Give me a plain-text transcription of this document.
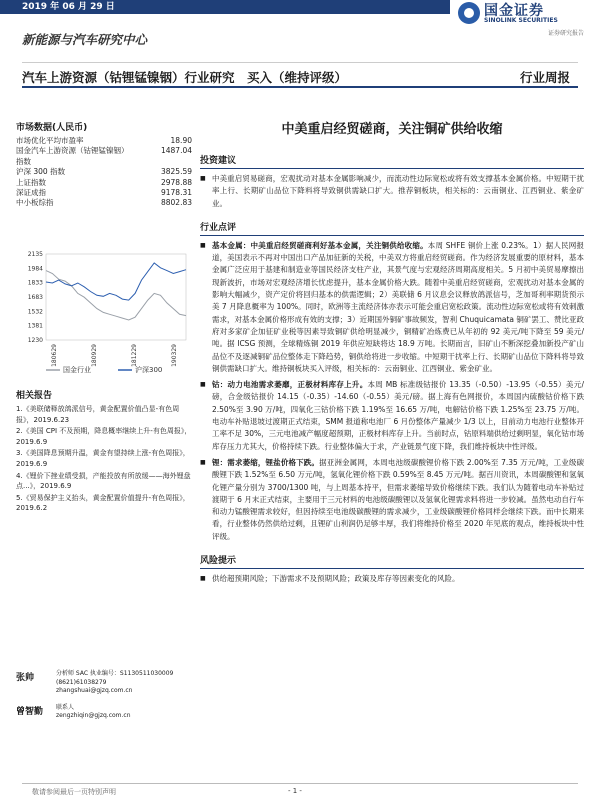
2019 年 06 月 29 日	国金证券
SINOLINK SECURITIES
证券研究报告
新能源与汽车研究中心
汽车上游资源（钴锂锰镍铟）行业研究　买入（维持评级）	行业周报
市场数据(人民币)
市场优化平均市盈率	18.90
国金汽车上游资源（钴锂锰镍铟）指数
1487.04
沪深 300 指数	3825.59
上证指数	2978.88
深证成指	9178.31
中小板综指	8802.83
2135
1984
1833
1683
1532
1381
1230
180629	180929	181229	190329
国金行业	沪深300
相关报告
1.《美联储释放鸽派信号，黄金配置价值凸显-有色周报》，2019.6.23
2.《美国 CPI 不及预期，降息概率继续上升-有色周报》，2019.6.9
3.《美国降息预期升温，黄金有望持续上涨-有色周报》，2019.6.9
4.《锂价下挫业绩受损，产能投放有所放缓——海外锂盘点...》，2019.6.9
5.《贸易保护主义抬头，黄金配置价值提升-有色周报》，2019.6.2
张帅	分析师 SAC 执业编号：S1130511030009
(8621)61038279
zhangshuai@gjzq.com.cn
曾智勤	联系人
zengzhiqin@gjzq.com.cn
中美重启经贸磋商，关注铜矿供给收缩
投资建议
■ 中美重启贸易磋商，宏观扰动对基本金属影响减少，而流动性边际宽松或将有效支撑基本金属价格。中短期干扰率上行、长期矿山品位下降料将导致铜供需缺口扩大。推荐铜板块，相关标的：云南铜业、江西铜业、紫金矿业。
行业点评
■ 基本金属：中美重启经贸磋商利好基本金属，关注铜供给收缩。本周 SHFE 铜价上涨 0.23%。1）据人民网报道，美国表示不再对中国出口产品加征新的关税，中美双方将重启经贸磋商。作为经济发展重要的原材料，基本金属广泛应用于基建和制造业等国民经济支柱产业，其景气度与宏观经济周期高度相关。5 月初中美贸易摩擦出现新波折，市场对宏观经济增长忧虑提升，基本金属价格大跌。随着中美重启经贸磋商，宏观扰动对基本金属的影响大幅减少，资产定价将回归基本的供需逻辑；2）美联储 6 月议息会议释放鸽派信号，芝加哥利率期货预示美 7 月降息概率为 100%。同时，欧洲等主流经济体亦表示可能会重启宽松政策。流动性边际宽松或将有效刺激需求，对基本金属价格形成有效的支撑；3）近期国外铜矿事故频发，智利 Chuquicamata 铜矿罢工、赞比亚政府对多家矿企加征矿业税等因素导致铜矿供给明显减少，铜精矿冶炼费已从年初的 92 美元/吨下降至 59 美元/吨。据 ICSG 预测，全球精炼铜 2019 年供应短缺将达 18.9 万吨。长期而言，旧矿山不断深挖叠加新投产矿山品位不及逐减铜矿品位整体走下降趋势，铜供给将进一步收缩。中短期干扰率上行、长期矿山品位下降料将导致铜供需缺口扩大。维持铜板块买入评级，相关标的：云南铜业、江西铜业、紫金矿业。
■ 钴：动力电池需求萎靡，正极材料库存上升。本周 MB 标准级钴报价 13.35（-0.50）-13.95（-0.55）美元/磅，合金级钴报价 14.15（-0.35）-14.60（-0.55）美元/磅。据上海有色网报价，本周国内硫酸钴价格下跌 2.50%至 3.90 万/吨，四氧化三钴价格下跌 1.19%至 16.65 万/吨，电解钴价格下跌 1.25%至 23.75 万/吨。电动车补贴退坡过渡期正式结束，SMM 报道称电池厂 6 月份整体产量减少 1/3 以上，目前动力电池行业整体开工率不足 30%，三元电池减产幅度超预期，正极材料库存上升。当前时点，钴原料端供给过剩明显，氧化钴市场库存压力尤其大，价格持续下跌。行业整体偏大于求，产业链景气度下降，我们维持板块中性评级。
■ 锂：需求萎缩，锂盐价格下跌。据亚洲金属网，本周电池级碳酸锂价格下跌 2.00%至 7.35 万元/吨，工业级碳酸锂下跌 1.52%至 6.50 万元/吨，氢氧化锂价格下跌 0.59%至 8.45 万元/吨。据百川资讯，本周碳酸锂和氢氧化锂产量分别为 3700/1300 吨，与上周基本持平，但需求萎缩导致价格继续下跌。我们认为随着电动车补贴过渡期于 6 月末正式结束，主要用于三元材料的电池级碳酸锂以及氢氧化锂需求料将进一步较减。虽然电动自行车和动力锰酸锂需求较好，但因持续至电池级碳酸锂的需求减少，工业级碳酸锂价格同样会继续下跌。而中长期来看，行业整体仍然供给过剩，且锂矿山利润仍足够丰厚，我们将维持价格至 2020 年见底的观点，维持板块中性评级。
风险提示
■ 供给超预期风险；下游需求不及预期风险；政策及库存等因素变化的风险。
敬请参阅最后一页特别声明	- 1 -
